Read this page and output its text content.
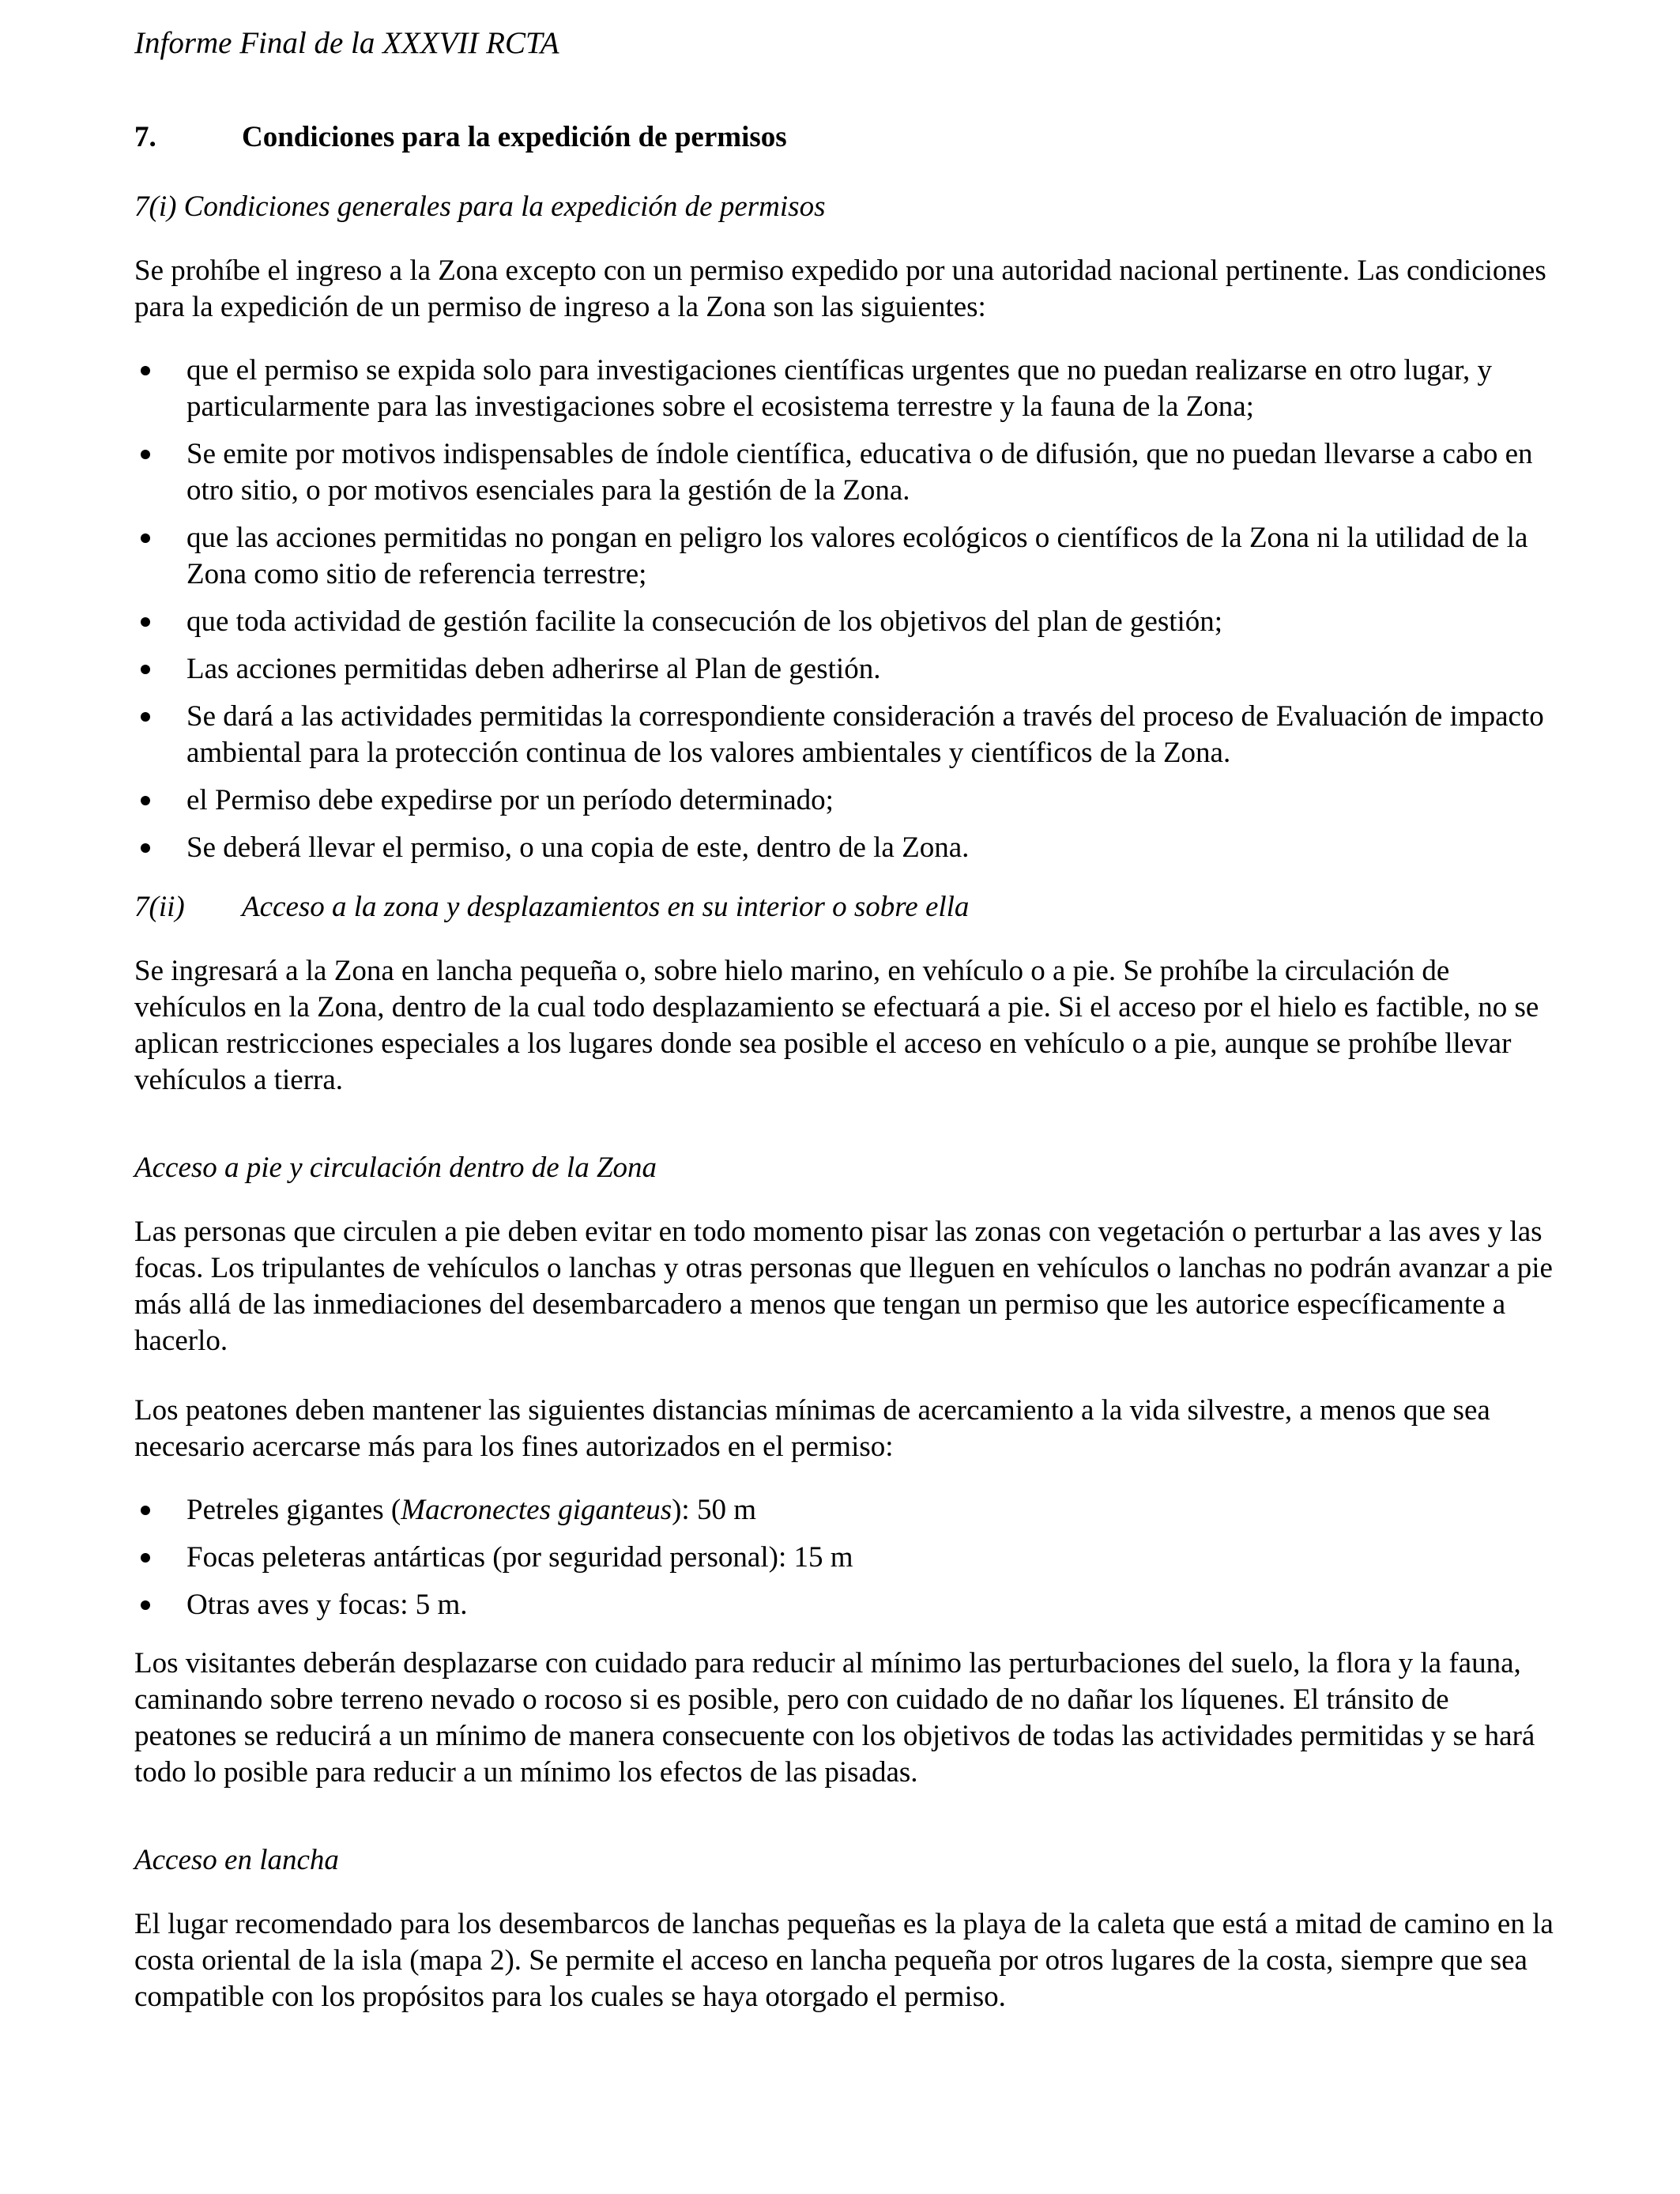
Informe Final de la XXXVII RCTA
7.	Condiciones para la expedición de permisos
7(i) Condiciones generales para la expedición de permisos

Se prohíbe el ingreso a la Zona excepto con un permiso expedido por una autoridad nacional pertinente. Las condiciones para la expedición de un permiso de ingreso a la Zona son las siguientes:

que el permiso se expida solo para investigaciones científicas urgentes que no puedan realizarse en otro lugar, y particularmente para las investigaciones sobre el ecosistema terrestre y la fauna de la Zona;
Se emite por motivos indispensables de índole científica, educativa o de difusión, que no puedan llevarse a cabo en otro sitio, o por motivos esenciales para la gestión de la Zona.
que las acciones permitidas no pongan en peligro los valores ecológicos o científicos de la Zona ni la utilidad de la Zona como sitio de referencia terrestre;
que toda actividad de gestión facilite la consecución de los objetivos del plan de gestión;
Las acciones permitidas deben adherirse al Plan de gestión.
Se dará a las actividades permitidas la correspondiente consideración a través del proceso de Evaluación de impacto ambiental para la protección continua de los valores ambientales y científicos de la Zona.
el Permiso debe expedirse por un período determinado;
Se deberá llevar el permiso, o una copia de este, dentro de la Zona.
7(ii)	Acceso a la zona y desplazamientos en su interior o sobre ella

Se ingresará a la Zona en lancha pequeña o, sobre hielo marino, en vehículo o a pie. Se prohíbe la circulación de vehículos en la Zona, dentro de la cual todo desplazamiento se efectuará a pie. Si el acceso por el hielo es factible, no se aplican restricciones especiales a los lugares donde sea posible el acceso en vehículo o a pie, aunque se prohíbe llevar vehículos a tierra.

Acceso a pie y circulación dentro de la Zona

Las personas que circulen a pie deben evitar en todo momento pisar las zonas con vegetación o perturbar a las aves y las focas. Los tripulantes de vehículos o lanchas y otras personas que lleguen en vehículos o lanchas no podrán avanzar a pie más allá de las inmediaciones del desembarcadero a menos que tengan un permiso que les autorice específicamente a hacerlo.

Los peatones deben mantener las siguientes distancias mínimas de acercamiento a la vida silvestre, a menos que sea necesario acercarse más para los fines autorizados en el permiso:

Petreles gigantes (Macronectes giganteus): 50 m
Focas peleteras antárticas (por seguridad personal): 15 m
Otras aves y focas: 5 m.

Los visitantes deberán desplazarse con cuidado para reducir al mínimo las perturbaciones del suelo, la flora y la fauna, caminando sobre terreno nevado o rocoso si es posible, pero con cuidado de no dañar los líquenes. El tránsito de peatones se reducirá a un mínimo de manera consecuente con los objetivos de todas las actividades permitidas y se hará todo lo posible para reducir a un mínimo los efectos de las pisadas.

Acceso en lancha

El lugar recomendado para los desembarcos de lanchas pequeñas es la playa de la caleta que está a mitad de camino en la costa oriental de la isla (mapa 2). Se permite el acceso en lancha pequeña por otros lugares de la costa, siempre que sea compatible con los propósitos para los cuales se haya otorgado el permiso.
